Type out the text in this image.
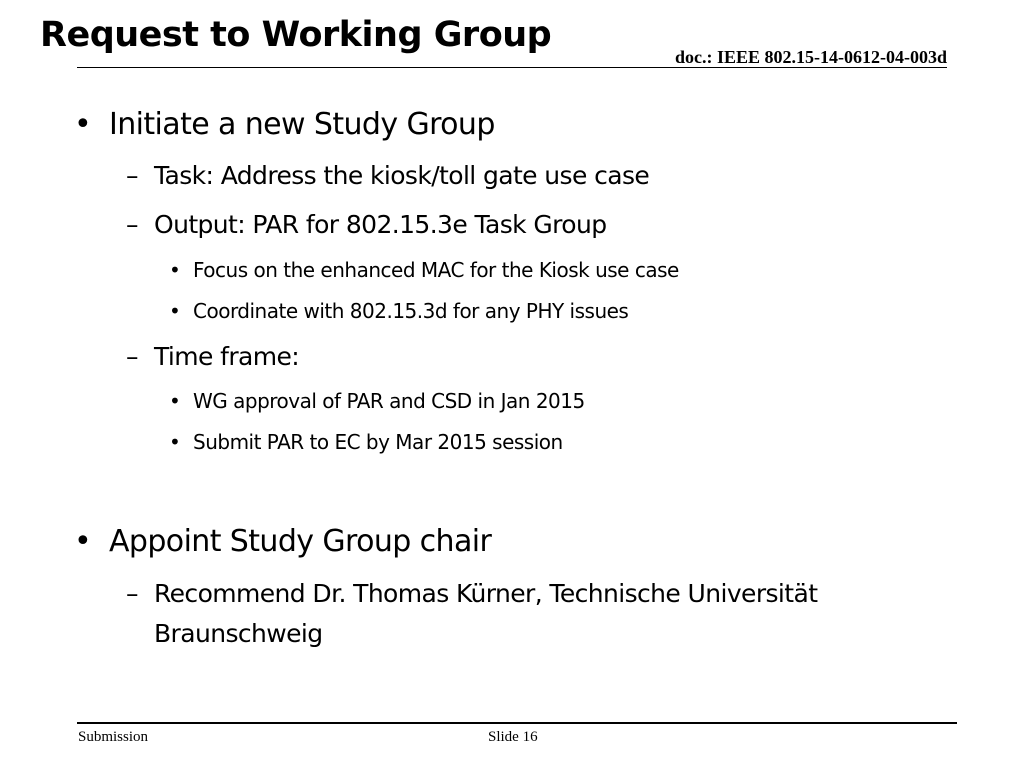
Request to Working Group
doc.: IEEE 802.15-14-0612-04-003d
• Initiate a new Study Group
– Task: Address the kiosk/toll gate use case
– Output: PAR for 802.15.3e Task Group
• Focus on the enhanced MAC for the Kiosk use case
• Coordinate with 802.15.3d for any PHY issues
– Time frame:
• WG approval of PAR and CSD in Jan 2015
• Submit PAR to EC by Mar 2015 session
• Appoint Study Group chair
– Recommend Dr. Thomas Kürner, Technische Universität
Braunschweig
Submission	Slide 16
